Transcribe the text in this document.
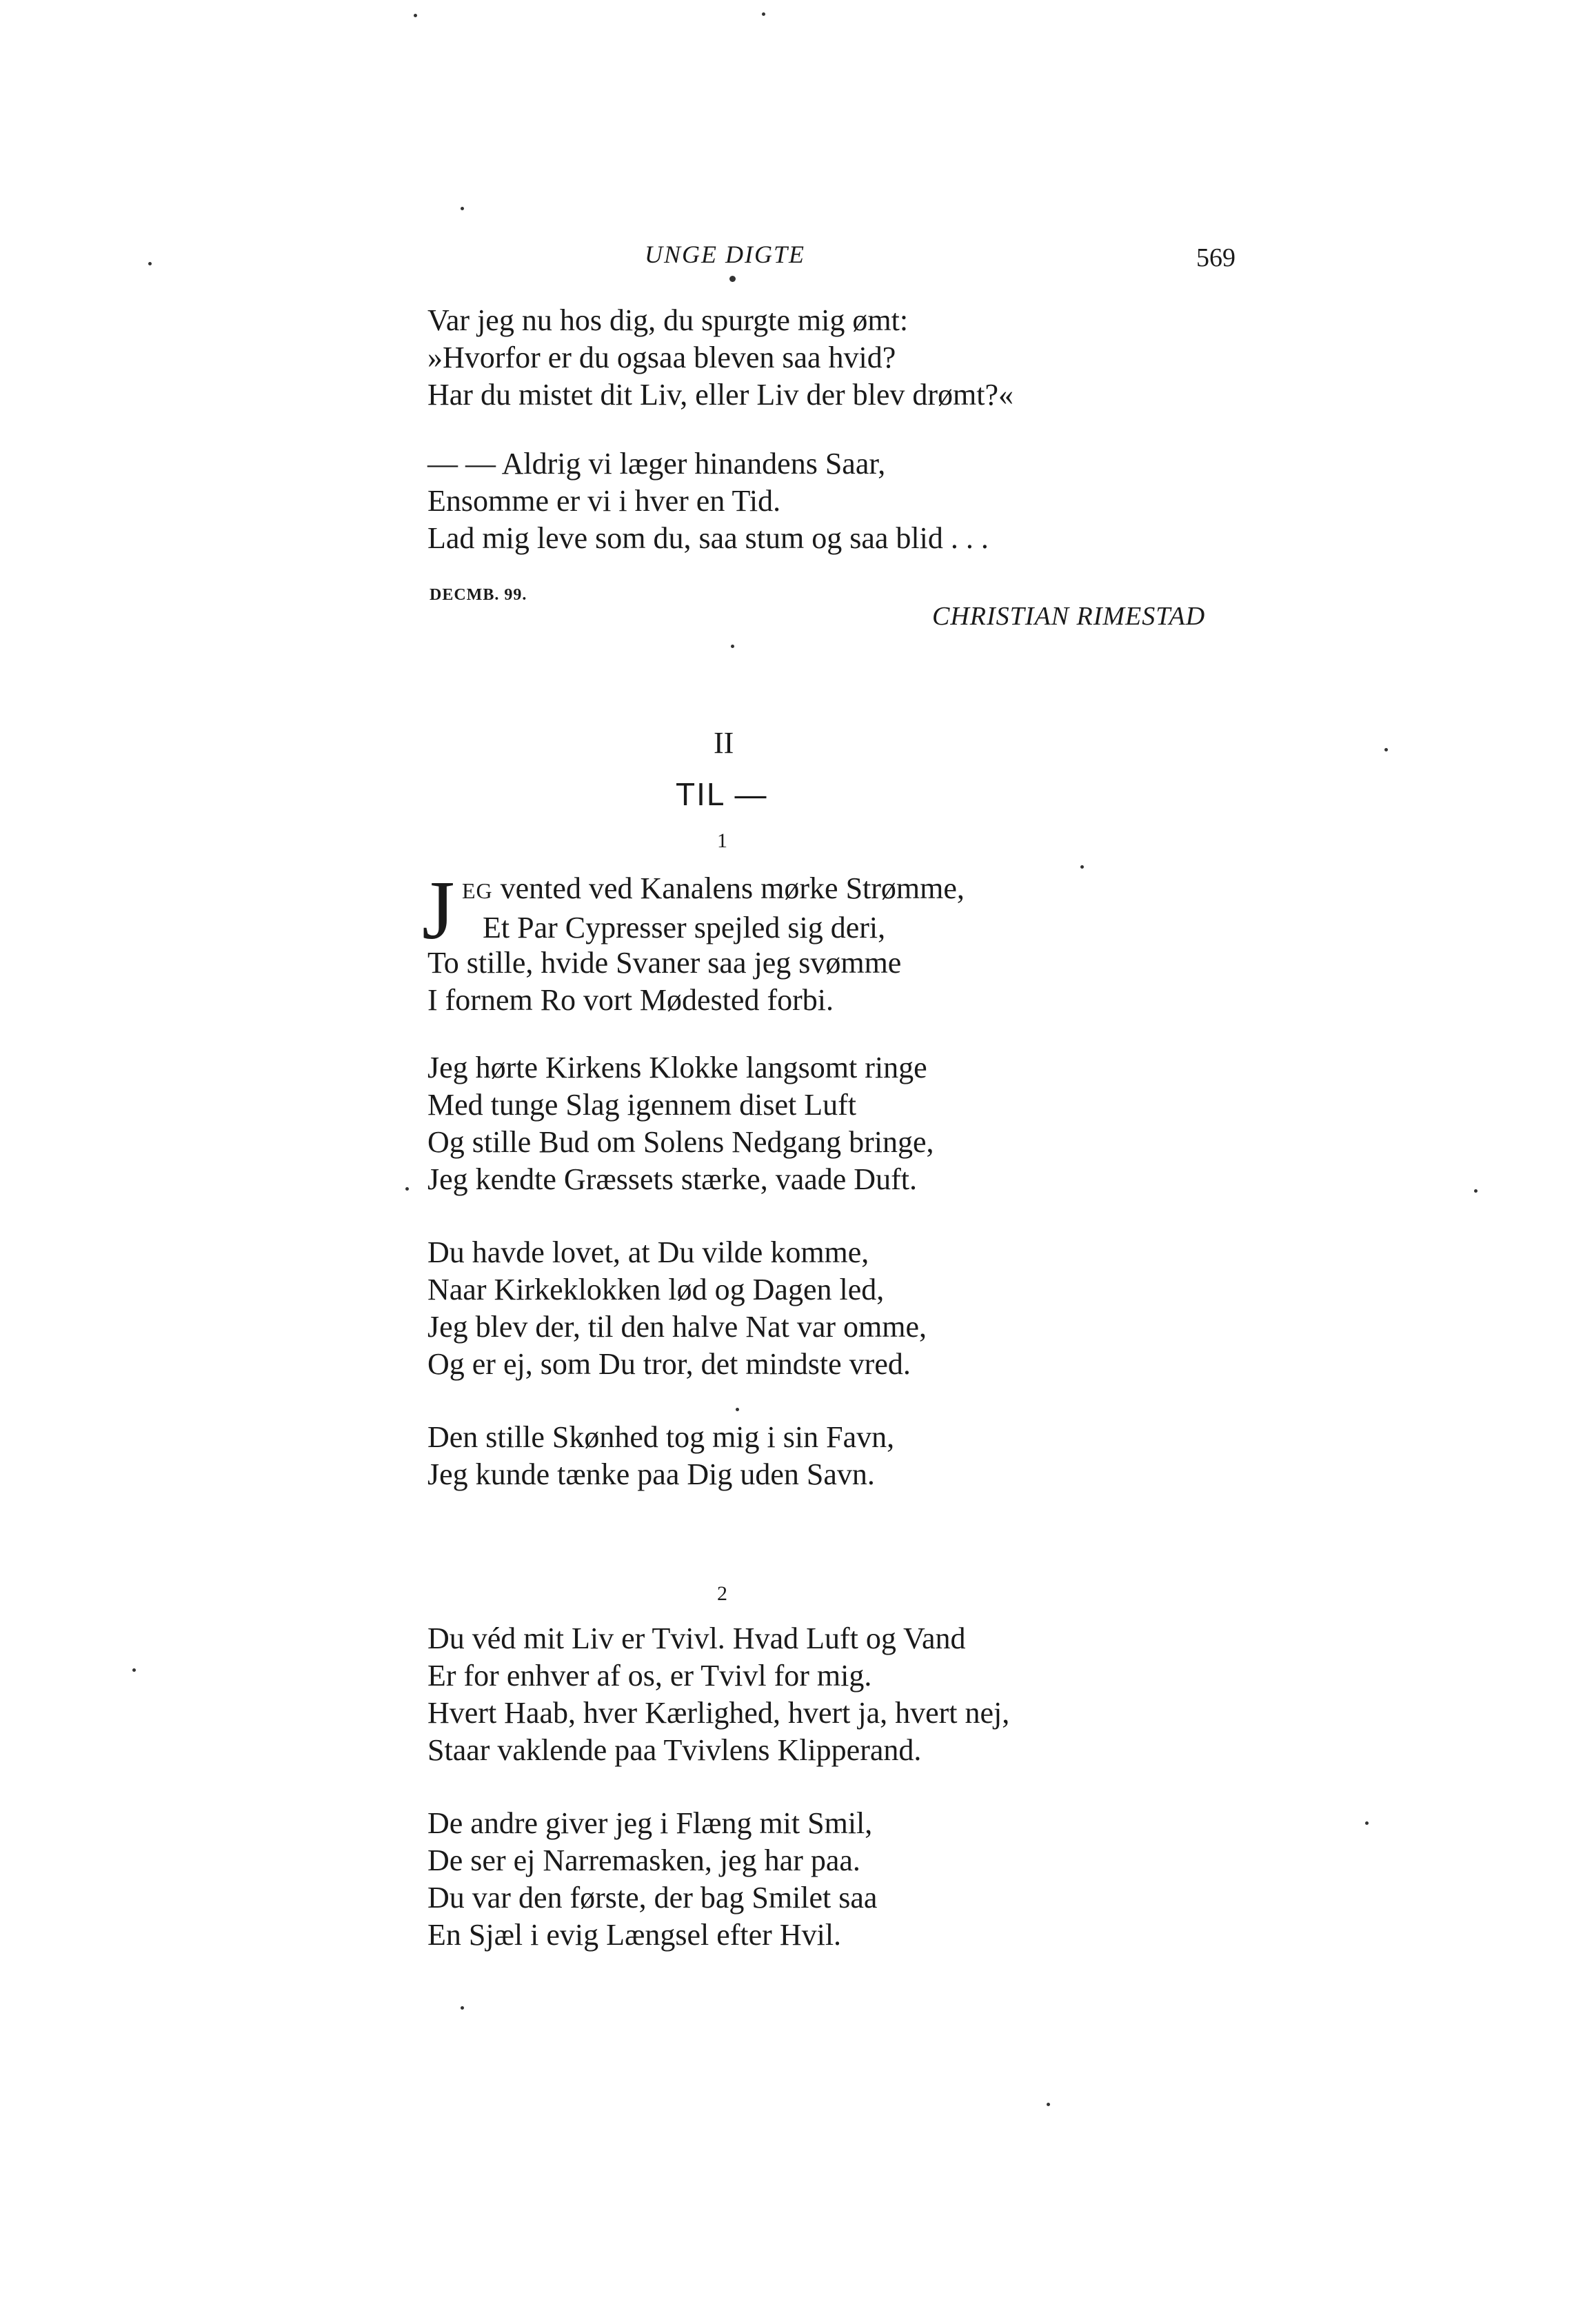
UNGE DIGTE	569
Var jeg nu hos dig, du spurgte mig ømt:
»Hvorfor er du ogsaa bleven saa hvid?
Har du mistet dit Liv, eller Liv der blev drømt?«
— — Aldrig vi læger hinandens Saar,
Ensomme er vi i hver en Tid.
Lad mig leve som du, saa stum og saa blid . . .
DECMB. 99.
CHRISTIAN RIMESTAD
II
TIL —
1
J EG vented ved Kanalens mørke Strømme,
Et Par Cypresser spejled sig deri,
To stille, hvide Svaner saa jeg svømme
I fornem Ro vort Mødested forbi.
Jeg hørte Kirkens Klokke langsomt ringe
Med tunge Slag igennem diset Luft
Og stille Bud om Solens Nedgang bringe,
Jeg kendte Græssets stærke, vaade Duft.
Du havde lovet, at Du vilde komme,
Naar Kirkeklokken lød og Dagen led,
Jeg blev der, til den halve Nat var omme,
Og er ej, som Du tror, det mindste vred.
Den stille Skønhed tog mig i sin Favn,
Jeg kunde tænke paa Dig uden Savn.
2
Du véd mit Liv er Tvivl. Hvad Luft og Vand
Er for enhver af os, er Tvivl for mig.
Hvert Haab, hver Kærlighed, hvert ja, hvert nej,
Staar vaklende paa Tvivlens Klipperand.
De andre giver jeg i Flæng mit Smil,
De ser ej Narremasken, jeg har paa.
Du var den første, der bag Smilet saa
En Sjæl i evig Længsel efter Hvil.
